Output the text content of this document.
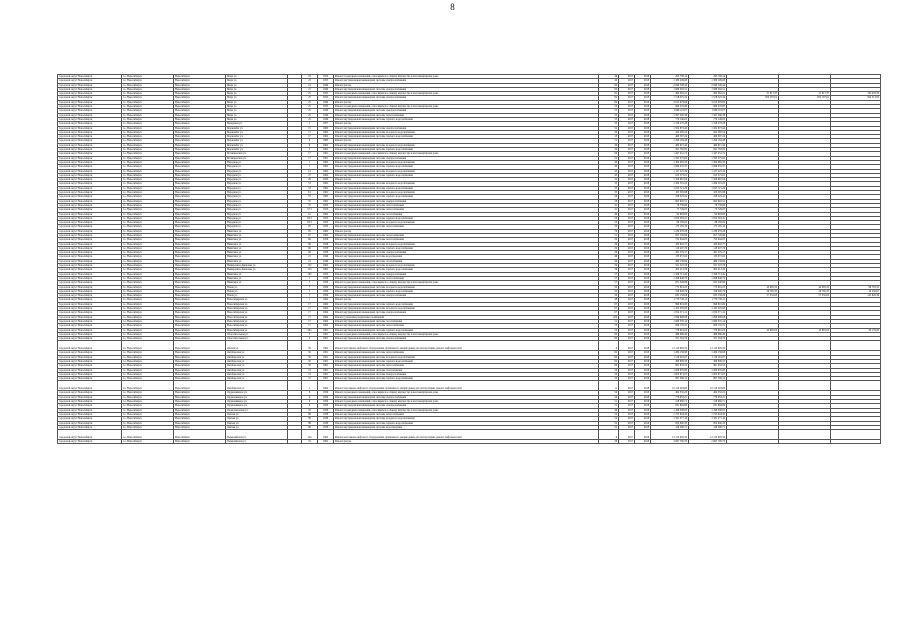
8
городской округ Новосибирск	г.о. Новосибирск	Новосибирск	Мира ул.		23	1953	Ремонт подъездных помещений, относящихся к общему имуществу в многоквартирном доме	46	2017	2018	295 708,14	295 708,14			
городской округ Новосибирск	г.о. Новосибирск	Новосибирск	Мира ул.		23	1953	Ремонт внутридомовой инженерной системы электроснабжения	46	2017	2018	1 389 209,60	1 389 209,60			
городской округ Новосибирск	г.о. Новосибирск	Новосибирск	Мира ул.		21	1949	Ремонт фасада	60	2017	2018	2 846 548,44	2 846 548,44			
городской округ Новосибирск	г.о. Новосибирск	Новосибирск	Мира ул.		21	1949	Ремонт внутридомовой инженерной системы электроснабжения	60	2017	2018	1 089 302,51	1 089 302,51			
городской округ Новосибирск	г.о. Новосибирск	Новосибирск	Мира ул.		25	1953	Ремонт подъездных помещений, относящихся к общему имуществу в многоквартирном доме	82	2017	2018	492 362,21	492 362,21	21 817,37	21 817,37	145 478,79
городской округ Новосибирск	г.о. Новосибирск	Новосибирск	Мира ул.		25	1953	Ремонт внутридомовой инженерной системы электроснабжения	82	2017	2018	1 518 325,34	1 518 325,34	652 187,61	652 187,61	564 313,85
городской округ Новосибирск	г.о. Новосибирск	Новосибирск	Мира ул.		25	1949	Ремонт фасада	69	2017	2018	3 615 678,60	3 615 678,60			
городской округ Новосибирск	г.о. Новосибирск	Новосибирск	Мира ул.		25	1953	Ремонт подъездных помещений, относящихся к общему имуществу в многоквартирном доме	55	2017	2018	960 270,85	960 270,85			
городской округ Новосибирск	г.о. Новосибирск	Новосибирск	Мира ул.		25	1949	Ремонт внутридомовой инженерной системы электроснабжения	55	2017	2018	1 998 118,07	1 998 118,07			
городской округ Новосибирск	г.о. Новосибирск	Новосибирск	Мира ул.		25	1949	Ремонт внутридомовой инженерной системы теплоснабжения	55	2017	2018	1 597 306,38	1 597 306,38			
городской округ Новосибирск	г.о. Новосибирск	Новосибирск	Мира ул.		25	1949	Ремонт внутридомовой инженерной системы горячего водоснабжения	55	2017	2018	770 146,03	770 146,03			
городской округ Новосибирск	г.о. Новосибирск	Новосибирск	Мичурина ул.		1	1957	Ремонт фасада	50	2017	2018	1 318 270,28	1 318 270,28			
городской округ Новосибирск	г.о. Новосибирск	Новосибирск	Моркомбат ул.		15	1960	Ремонт внутридомовой инженерной системы электроснабжения	52	2017	2018	1 504 873,44	1 504 873,44			
городской округ Новосибирск	г.о. Новосибирск	Новосибирск	Моркомбат ул.		17	1962	Ремонт внутридомовой инженерной системы холодного водоснабжения	29	2017	2018	422 285,54	422 285,54			
городской округ Новосибирск	г.о. Новосибирск	Новосибирск	Моркомбат ул.		17	1962	Ремонт внутридомовой инженерной системы горячего водоснабжения	13	2017	2018	460 597,24	460 597,24			
городской округ Новосибирск	г.о. Новосибирск	Новосибирск	Моркомбат ул.		9	1960	Ремонт фасада	21	2017	2018	1 294 164,48	1 294 164,48			
городской округ Новосибирск	г.о. Новосибирск	Новосибирск	Моркомбат ул.		9	1962	Ремонт внутридомовой инженерной системы холодного водоснабжения	29	2017	2018	484 915,44	484 915,44			
городской округ Новосибирск	г.о. Новосибирск	Новосибирск	Моркомбат ул.		7	1962	Ремонт внутридомовой инженерной системы горячего водоснабжения	29	2017	2018	561 782,82	561 782,82			
городской округ Новосибирск	г.о. Новосибирск	Новосибирск	Мочищенская ул.		17	1961	Ремонт подъездных помещений, относящихся к общему имуществу в многоквартирном доме	66	2017	2018	1 447 431,72	1 447 431,72			
городской округ Новосибирск	г.о. Новосибирск	Новосибирск	Мочищенская ул.		17	1961	Ремонт внутридомовой инженерной системы электроснабжения	52	2017	2018	1 595 375,62	1 595 375,62			
городской округ Новосибирск	г.о. Новосибирск	Новосибирск	Народная ул.		1	1962	Ремонт внутридомовой инженерной системы холодного водоснабжения	40	2017	2018	1 304 065,50	1 304 065,50			
городской округ Новосибирск	г.о. Новосибирск	Новосибирск	Народная ул.		1	1962	Ремонт внутридомовой инженерной системы горячего водоснабжения	40	2017	2018	1 069 455,37	1 069 455,37			
городской округ Новосибирск	г.о. Новосибирск	Новосибирск	Народная ул.		1/1	1962	Ремонт внутридомовой инженерной системы холодного водоснабжения	45	2017	2018	1 127 225,34	1 127 225,34			
городской округ Новосибирск	г.о. Новосибирск	Новосибирск	Народная ул.		27	1962	Ремонт внутридомовой инженерной системы горячего водоснабжения	45	2017	2018	913 375,61	913 375,61			
городской округ Новосибирск	г.о. Новосибирск	Новосибирск	Народная ул.		29	1935	Ремонт фасада	22	2017	2018	7 456 667,64	7 456 667,64			
городской округ Новосибирск	г.о. Новосибирск	Новосибирск	Народная ул.		53	1962	Ремонт внутридомовой инженерной системы холодного водоснабжения	35	2017	2018	1 284 501,23	1 284 501,23			
городской округ Новосибирск	г.о. Новосибирск	Новосибирск	Народная ул.		53	1962	Ремонт внутридомовой инженерной системы горячего водоснабжения	35	2017	2018	1 025 721,29	1 025 721,29			
городской округ Новосибирск	г.о. Новосибирск	Новосибирск	Народная ул.		5/1	1961	Ремонт внутридомовой инженерной системы холодного водоснабжения	35	2017	2018	105 395,88	105 395,88			
городской округ Новосибирск	г.о. Новосибирск	Новосибирск	Народная ул.		55	1962	Ремонт внутридомовой инженерной системы горячего водоснабжения	28	2017	2018	228 525,41	228 525,41			
городской округ Новосибирск	г.о. Новосибирск	Новосибирск	Народная ул.		55	1962	Ремонт внутридомовой инженерной системы электроснабжения	28	2017	2018	905 602,51	905 602,51			
городской округ Новосибирск	г.о. Новосибирск	Новосибирск	Народная ул.		57	1953	Ремонт внутридомовой инженерной системы теплоснабжения	41	2017	2018	78 739,60	78 739,60			
городской округ Новосибирск	г.о. Новосибирск	Новосибирск	Народная ул.		57/1	1953	Ремонт внутридомовой инженерной системы теплоснабжения	41	2017	2018	75 729,05	75 729,05			
городской округ Новосибирск	г.о. Новосибирск	Новосибирск	Народная ул.		61	1962	Ремонт внутридомовой инженерной системы газоснабжения	49	2017	2018	92 893,83	92 893,83			
городской округ Новосибирск	г.о. Новосибирск	Новосибирск	Народная ул.		63/1	1953	Ремонт внутридомовой инженерной системы горячего водоснабжения	23	2017	2018	1 052 393,41	1 052 393,41			
городской округ Новосибирск	г.о. Новосибирск	Новосибирск	Народная ул.		63/1	1953	Ремонт внутридомовой инженерной системы холодного водоснабжения	23	2017	2018	89 185,02	89 185,02			
городской округ Новосибирск	г.о. Новосибирск	Новосибирск	Народная ул.		65	1950	Ремонт внутридомовой инженерной системы теплоснабжения	35	2017	2018	175 165,10	175 165,10			
городской округ Новосибирск	г.о. Новосибирск	Новосибирск	Никитина ул.		65	1962	Ремонт фасада	76	2017	2018	1 239 078,28	1 239 078,28			
городской округ Новосибирск	г.о. Новосибирск	Новосибирск	Никитина ул.		67	1962	Ремонт внутридомовой инженерной системы теплоснабжения	51	2017	2018	657 726,99	657 726,99			
городской округ Новосибирск	г.о. Новосибирск	Новосибирск	Никитина ул.		69	1958	Ремонт внутридомовой инженерной системы теплоснабжения	29	2017	2018	752 044,05	752 044,05			
городской округ Новосибирск	г.о. Новосибирск	Новосибирск	Никитина ул.		69	1958	Ремонт внутридомовой инженерной системы холодного водоснабжения	29	2017	2018	163 602,77	163 602,77			
городской округ Новосибирск	г.о. Новосибирск	Новосибирск	Никитина ул.		69	1958	Ремонт внутридомовой инженерной системы горячего водоснабжения	29	2017	2018	119 407,76	119 407,76			
городской округ Новосибирск	г.о. Новосибирск	Новосибирск	Никитина ул.		69	1958	Ремонт внутридомовой инженерной системы электроснабжения	29	2017	2018	261 379,17	261 379,17			
городской округ Новосибирск	г.о. Новосибирск	Новосибирск	Никитина ул.		21	1949	Ремонт внутридомовой инженерной системы водоотведения	46	2017	2018	135 072,92	135 072,92			
городской округ Новосибирск	г.о. Новосибирск	Новосибирск	Никитина ул.		21	1949	Ремонт внутридомовой инженерной системы газоснабжения	46	2017	2018	489 139,84	489 139,84			
городской округ Новосибирск	г.о. Новосибирск	Новосибирск	Немировича-Данченко ул.		152	1962	Ремонт внутридомовой инженерной системы холодного водоснабжения	59	2017	2018	551 522,78	551 522,78			
городской округ Новосибирск	г.о. Новосибирск	Новосибирск	Немировича-Данченко ул.		154	1962	Ремонт внутридомовой инженерной системы горячего водоснабжения	59	2017	2018	402 213,29	402 213,29			
городской округ Новосибирск	г.о. Новосибирск	Новосибирск	Никитина ул.		165	1953	Ремонт внутридомовой инженерной системы электроснабжения	57	2017	2018	1 326 713,42	1 326 713,42			
городской округ Новосибирск	г.о. Новосибирск	Новосибирск	Никитина ул.		1	1958	Ремонт внутридомовой инженерной системы теплоснабжения	57	2017	2018	1 298 648,79	1 298 648,79			
городской округ Новосибирск	г.о. Новосибирск	Новосибирск	Никитина ул.		7	1958	Ремонт подъездных помещений, относящихся к общему имуществу в многоквартирном доме	57	2017	2018	951 348,99	951 348,99			
городской округ Новосибирск	г.о. Новосибирск	Новосибирск	Новая ул.		7	1959	Ремонт внутридомовой инженерной системы холодного водоснабжения	50	2017	2018	775 819,25	775 819,25	45 085,32	42 085,32	89 783,35
городской округ Новосибирск	г.о. Новосибирск	Новосибирск	Новая ул.		7	1959	Ремонт внутридомовой инженерной системы горячего водоснабжения	50	2017	2018	318 926,79	318 926,79	29 785,35	29 785,35	44 256,67
городской округ Новосибирск	г.о. Новосибирск	Новосибирск	Новая ул.		7	1959	Ремонт внутридомовой инженерной системы электроснабжения	50	2017	2018	635 158,66	635 158,66	57 032,63	57 032,63	143 828,39
городской округ Новосибирск	г.о. Новосибирск	Новосибирск	Новосибирская ул.		1	1962	Ремонт фасада	48	2017	2018	1 779 743,11	1 779 743,11			
городской округ Новосибирск	г.о. Новосибирск	Новосибирск	Новосибирская ул.		17	1964	Ремонт внутридомовой инженерной системы горячего водоснабжения	67	2017	2018	999 801,00	999 801,00			
городской округ Новосибирск	г.о. Новосибирск	Новосибирск	Новосибирская ул.		17	1964	Ремонт внутридомовой инженерной системы холодного водоснабжения	67	2017	2018	1 103 205,83	1 103 205,83			
городской округ Новосибирск	г.о. Новосибирск	Новосибирск	Новосибирская ул.		17	1964	Ремонт внутридомовой инженерной системы электроснабжения	67	2017	2018	1 054 571,12	1 054 571,12			
городской округ Новосибирск	г.о. Новосибирск	Новосибирск	Новосибирская ул.		17	1964	Ремонт (утепление) подвальных помещений	229	2017	2018	1 099 908,08	1 099 908,08			
городской округ Новосибирск	г.о. Новосибирск	Новосибирск	Новосибирская ул.		17	1964	Ремонт внутридомовой инженерной системы газоснабжения	51	2017	2018	1 060 370,14	1 060 370,14			
городской округ Новосибирск	г.о. Новосибирск	Новосибирск	Новосибирская ул.		17	1964	Ремонт внутридомовой инженерной системы теплоснабжения	53	2017	2018	856 135,31	856 135,31			
городской округ Новосибирск	г.о. Новосибирск	Новосибирск	Новосибирская ул.		26а	1961	Ремонт внутридомовой инженерной системы горячего водоснабжения	55	2017	2018	778 991,03	778 991,03	43 865,03	43 865,03	90 179,60
городской округ Новосибирск	г.о. Новосибирск	Новосибирск	Обогатительная ул.		5	1961	Ремонт подъездных помещений, относящихся к общему имуществу в многоквартирном доме	60	2017	2018	486 686,49	486 686,49			
городской округ Новосибирск	г.о. Новосибирск	Новосибирск	Обогатительная ул.		5	1961	Ремонт внутридомовой инженерной системы электроснабжения	60	2017	2018	701 504,76	701 504,76			
городской округ Новосибирск	г.о. Новосибирск	Новосибирск	Обская ул.		59	1962	Ремонт или замена лифтового оборудования, признанного непригодным для эксплуатации, ремонт лифтовых шахт	6	2017	2018	12 110 995,59	12 110 995,59			
городской округ Новосибирск	г.о. Новосибирск	Новосибирск	Октябрьская ул.		50	1961	Ремонт внутридомовой инженерной системы теплоснабжения	60	2017	2018	1 284 156,98	1 284 156,98			
городской округ Новосибирск	г.о. Новосибирск	Новосибирск	Октябрьская ул.		50	1961	Ремонт внутридомовой инженерной системы холодного водоснабжения	60	2017	2018	1 116 291,67	1 116 291,67			
городской округ Новосибирск	г.о. Новосибирск	Новосибирск	Октябрьская ул.		50	1961	Ремонт внутридомовой инженерной системы горячего водоснабжения	60	2017	2018	360 809,35	360 809,35			
городской округ Новосибирск	г.о. Новосибирск	Новосибирск	Октябрьская ул.		50	1961	Ремонт внутридомовой инженерной системы теплоснабжения	60	2017	2018	861 932,52	861 932,52			
городской округ Новосибирск	г.о. Новосибирск	Новосибирск	Октябрьская ул.		51	1961	Ремонт внутридомовой инженерной системы газоснабжения	50	2017	2018	1 008 870,80	1 008 870,80			
городской округ Новосибирск	г.о. Новосибирск	Новосибирск	Октябрьская ул.		51	1961	Ремонт внутридомовой инженерной системы электроснабжения	50	2017	2018	1 003 871,07	1 003 871,07			
городской округ Новосибирск	г.о. Новосибирск	Новосибирск	Октябрьская ул.		51	1961	Ремонт внутридомовой инженерной системы горячего водоснабжения	50	2017	2018	867 596,12	867 596,12			
городской округ Новосибирск	г.о. Новосибирск	Новосибирск	Октябрьская ул.		1	1993	Ремонт или замена лифтового оборудования, признанного непригодным для эксплуатации, ремонт лифтовых шахт	11	2017	2018	10 118 293,60	10 118 293,60			
городской округ Новосибирск	г.о. Новосибирск	Новосибирск	Орджоникидзе ул.		6	1956	Ремонт подъездных помещений, относящихся к общему имуществу в многоквартирном доме	56	2017	2018	404 332,22	404 332,22			
городской округ Новосибирск	г.о. Новосибирск	Новосибирск	Орджоникидзе ул.		6	1956	Ремонт внутридомовой инженерной системы электроснабжения	56	2017	2018	778 953,21	778 953,21			
городской округ Новосибирск	г.о. Новосибирск	Новосибирск	Орджоникидзе ул.		6	1956	Ремонт подъездных помещений, относящихся к общему имуществу в многоквартирном доме	51	2017	2018	518 960,71	518 960,71			
городской округ Новосибирск	г.о. Новосибирск	Новосибирск	Орджоникидзе ул.		6	1956	Ремонт внутридомовой инженерной системы электроснабжения	51	2017	2018	631 894,99	631 894,99			
городской округ Новосибирск	г.о. Новосибирск	Новосибирск	Оловозаводская ул.		18	1958	Ремонт подъездных помещений, относящихся к общему имуществу в многоквартирном доме	46	2017	2018	1 198 308,03	1 198 308,03			
городской округ Новосибирск	г.о. Новосибирск	Новосибирск	Омская ул.		89	1938	Ремонт внутридомовой инженерной системы теплоснабжения	52	2017	2018	1 753 844,35	1 753 844,35			
городской округ Новосибирск	г.о. Новосибирск	Новосибирск	Омская ул.		89	1938	Ремонт внутридомовой инженерной системы холодного водоснабжения	52	2017	2018	1 561 277,19	1 561 277,19			
городской округ Новосибирск	г.о. Новосибирск	Новосибирск	Омская ул.		89	1938	Ремонт внутридомовой инженерной системы горячего водоснабжения	52	2017	2018	852 840,33	852 840,33			
городской округ Новосибирск	г.о. Новосибирск	Новосибирск	Омская ул.		89	1938	Ремонт внутридомовой инженерной системы водоотведения	52	2017	2018	126 290,71	126 290,71			
городской округ Новосибирск	г.о. Новосибирск	Новосибирск	Первомайская ул.		144	1963	Ремонт или замена лифтового оборудования, признанного непригодным для эксплуатации, ремонт лифтовых шахт	6	2017	2018	12 110 995,59	12 110 995,59			
городской округ Новосибирск	г.о. Новосибирск	Новосибирск	Первомайская ул.		19	1962	Ремонт фасада	36	2017	2018	2 667 700,70	2 667 700,70			
